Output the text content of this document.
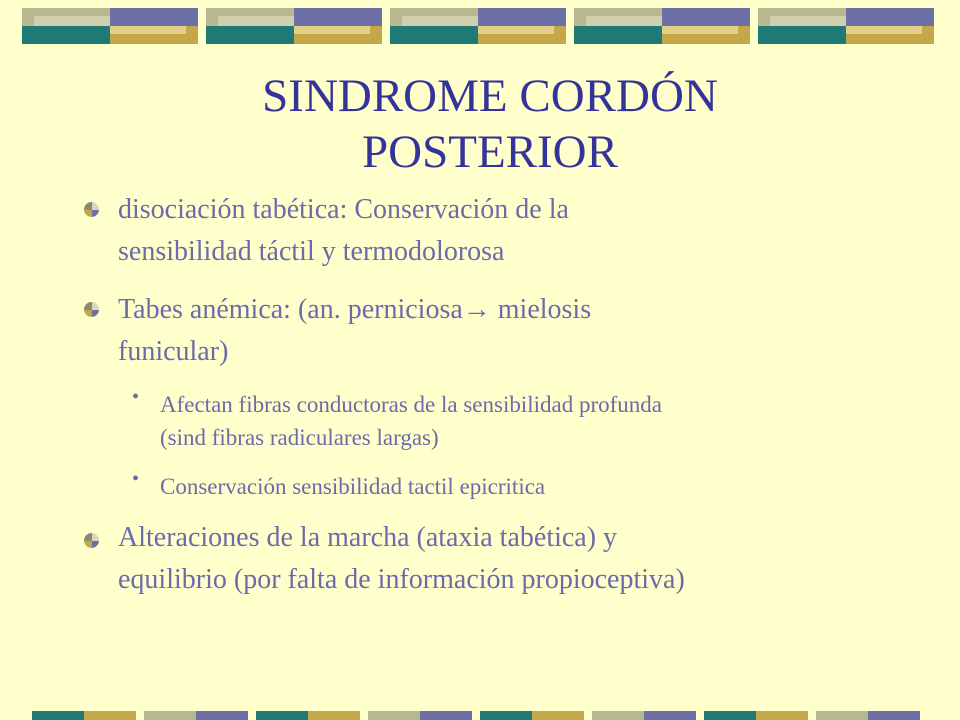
SINDROME CORDÓN
POSTERIOR
disociación tabética: Conservación de la
sensibilidad táctil y termodolorosa
Tabes anémica: (an. perniciosa→ mielosis
funicular)
• Afectan fibras conductoras de la sensibilidad profunda
(sind fibras radiculares largas)
• Conservación sensibilidad tactil epicritica
Alteraciones de la marcha (ataxia tabética) y
equilibrio (por falta de información propioceptiva)
